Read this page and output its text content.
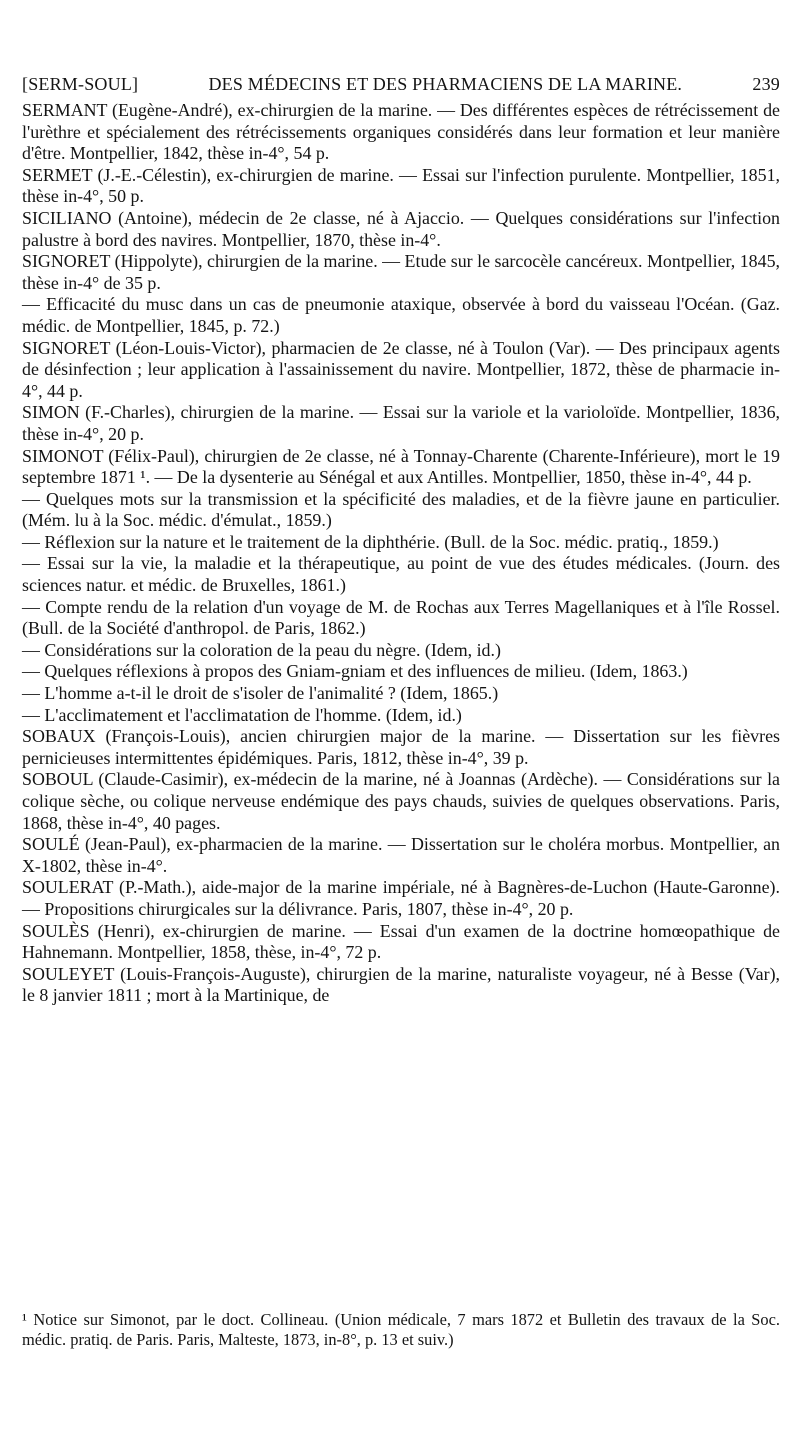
[SERM-SOUL]	DES MÉDECINS ET DES PHARMACIENS DE LA MARINE.	239

SERMANT (Eugène-André), ex-chirurgien de la marine. — Des différentes espèces de rétrécissement de l'urèthre et spécialement des rétrécissements organiques considérés dans leur formation et leur manière d'être. Montpellier, 1842, thèse in-4°, 54 p.

SERMET (J.-E.-Célestin), ex-chirurgien de marine. — Essai sur l'infection purulente. Montpellier, 1851, thèse in-4°, 50 p.

SICILIANO (Antoine), médecin de 2e classe, né à Ajaccio. — Quelques considérations sur l'infection palustre à bord des navires. Montpellier, 1870, thèse in-4°.

SIGNORET (Hippolyte), chirurgien de la marine. — Etude sur le sarcocèle cancéreux. Montpellier, 1845, thèse in-4° de 35 p.

— Efficacité du musc dans un cas de pneumonie ataxique, observée à bord du vaisseau l'Océan. (Gaz. médic. de Montpellier, 1845, p. 72.)

SIGNORET (Léon-Louis-Victor), pharmacien de 2e classe, né à Toulon (Var). — Des principaux agents de désinfection ; leur application à l'assainissement du navire. Montpellier, 1872, thèse de pharmacie in-4°, 44 p.

SIMON (F.-Charles), chirurgien de la marine. — Essai sur la variole et la varioloïde. Montpellier, 1836, thèse in-4°, 20 p.

SIMONOT (Félix-Paul), chirurgien de 2e classe, né à Tonnay-Charente (Charente-Inférieure), mort le 19 septembre 1871 ¹. — De la dysenterie au Sénégal et aux Antilles. Montpellier, 1850, thèse in-4°, 44 p.

— Quelques mots sur la transmission et la spécificité des maladies, et de la fièvre jaune en particulier. (Mém. lu à la Soc. médic. d'émulat., 1859.)

— Réflexion sur la nature et le traitement de la diphthérie. (Bull. de la Soc. médic. pratiq., 1859.)

— Essai sur la vie, la maladie et la thérapeutique, au point de vue des études médicales. (Journ. des sciences natur. et médic. de Bruxelles, 1861.)

— Compte rendu de la relation d'un voyage de M. de Rochas aux Terres Magellaniques et à l'île Rossel. (Bull. de la Société d'anthropol. de Paris, 1862.)

— Considérations sur la coloration de la peau du nègre. (Idem, id.)

— Quelques réflexions à propos des Gniam-gniam et des influences de milieu. (Idem, 1863.)

— L'homme a-t-il le droit de s'isoler de l'animalité ? (Idem, 1865.)

— L'acclimatement et l'acclimatation de l'homme. (Idem, id.)

SOBAUX (François-Louis), ancien chirurgien major de la marine. — Dissertation sur les fièvres pernicieuses intermittentes épidémiques. Paris, 1812, thèse in-4°, 39 p.

SOBOUL (Claude-Casimir), ex-médecin de la marine, né à Joannas (Ardèche). — Considérations sur la colique sèche, ou colique nerveuse endémique des pays chauds, suivies de quelques observations. Paris, 1868, thèse in-4°, 40 pages.

SOULÉ (Jean-Paul), ex-pharmacien de la marine. — Dissertation sur le choléra morbus. Montpellier, an X-1802, thèse in-4°.

SOULERAT (P.-Math.), aide-major de la marine impériale, né à Bagnères-de-Luchon (Haute-Garonne). — Propositions chirurgicales sur la délivrance. Paris, 1807, thèse in-4°, 20 p.

SOULÈS (Henri), ex-chirurgien de marine. — Essai d'un examen de la doctrine homœopathique de Hahnemann. Montpellier, 1858, thèse, in-4°, 72 p.

SOULEYET (Louis-François-Auguste), chirurgien de la marine, naturaliste voyageur, né à Besse (Var), le 8 janvier 1811 ; mort à la Martinique, de

¹ Notice sur Simonot, par le doct. Collineau. (Union médicale, 7 mars 1872 et Bulletin des travaux de la Soc. médic. pratiq. de Paris. Paris, Malteste, 1873, in-8°, p. 13 et suiv.)
